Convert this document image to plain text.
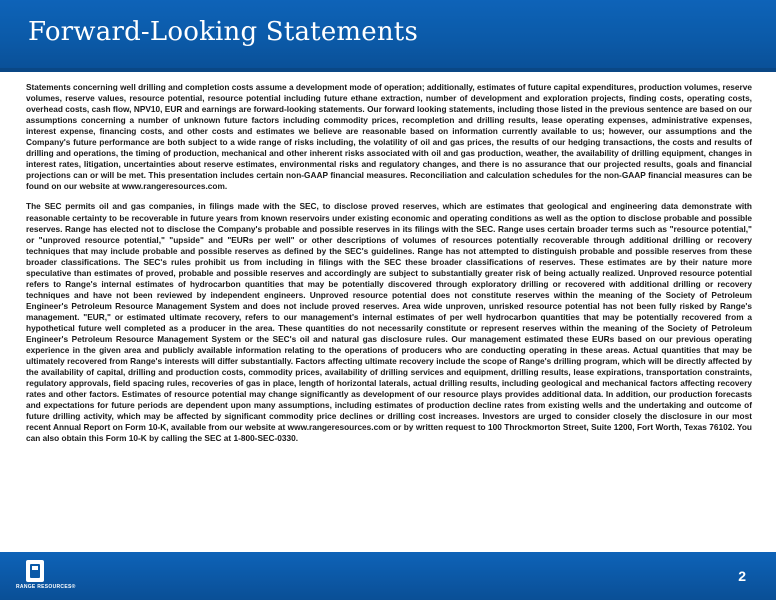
Forward-Looking Statements

Statements concerning well drilling and completion costs assume a development mode of operation; additionally, estimates of future capital expenditures, production volumes, reserve volumes, reserve values, resource potential, resource potential including future ethane extraction, number of development and exploration projects, finding costs, operating costs, overhead costs, cash flow, NPV10, EUR and earnings are forward-looking statements. Our forward looking statements, including those listed in the previous sentence are based on our assumptions concerning a number of unknown future factors including commodity prices, recompletion and drilling results, lease operating expenses, administrative expenses, interest expense, financing costs, and other costs and estimates we believe are reasonable based on information currently available to us; however, our assumptions and the Company's future performance are both subject to a wide range of risks including, the volatility of oil and gas prices, the results of our hedging transactions, the costs and results of drilling and operations, the timing of production, mechanical and other inherent risks associated with oil and gas production, weather, the availability of drilling equipment, changes in interest rates, litigation, uncertainties about reserve estimates, environmental risks and regulatory changes, and there is no assurance that our projected results, goals and financial projections can or will be met. This presentation includes certain non-GAAP financial measures. Reconciliation and calculation schedules for the non-GAAP financial measures can be found on our website at www.rangeresources.com.

The SEC permits oil and gas companies, in filings made with the SEC, to disclose proved reserves, which are estimates that geological and engineering data demonstrate with reasonable certainty to be recoverable in future years from known reservoirs under existing economic and operating conditions as well as the option to disclose probable and possible reserves. Range has elected not to disclose the Company's probable and possible reserves in its filings with the SEC. Range uses certain broader terms such as "resource potential," or "unproved resource potential," "upside" and "EURs per well" or other descriptions of volumes of resources potentially recoverable through additional drilling or recovery techniques that may include probable and possible reserves as defined by the SEC's guidelines. Range has not attempted to distinguish probable and possible reserves from these broader classifications. The SEC's rules prohibit us from including in filings with the SEC these broader classifications of reserves. These estimates are by their nature more speculative than estimates of proved, probable and possible reserves and accordingly are subject to substantially greater risk of being actually realized. Unproved resource potential refers to Range's internal estimates of hydrocarbon quantities that may be potentially discovered through exploratory drilling or recovered with additional drilling or recovery techniques and have not been reviewed by independent engineers. Unproved resource potential does not constitute reserves within the meaning of the Society of Petroleum Engineer's Petroleum Resource Management System and does not include proved reserves. Area wide unproven, unrisked resource potential has not been fully risked by Range's management. "EUR," or estimated ultimate recovery, refers to our management's internal estimates of per well hydrocarbon quantities that may be potentially recovered from a hypothetical future well completed as a producer in the area. These quantities do not necessarily constitute or represent reserves within the meaning of the Society of Petroleum Engineer's Petroleum Resource Management System or the SEC's oil and natural gas disclosure rules. Our management estimated these EURs based on our previous operating experience in the given area and publicly available information relating to the operations of producers who are conducting operating in these areas. Actual quantities that may be ultimately recovered from Range's interests will differ substantially. Factors affecting ultimate recovery include the scope of Range's drilling program, which will be directly affected by the availability of capital, drilling and production costs, commodity prices, availability of drilling services and equipment, drilling results, lease expirations, transportation constraints, regulatory approvals, field spacing rules, recoveries of gas in place, length of horizontal laterals, actual drilling results, including geological and mechanical factors affecting recovery rates and other factors. Estimates of resource potential may change significantly as development of our resource plays provides additional data. In addition, our production forecasts and expectations for future periods are dependent upon many assumptions, including estimates of production decline rates from existing wells and the undertaking and outcome of future drilling activity, which may be affected by significant commodity price declines or drilling cost increases. Investors are urged to consider closely the disclosure in our most recent Annual Report on Form 10-K, available from our website at www.rangeresources.com or by written request to 100 Throckmorton Street, Suite 1200, Fort Worth, Texas 76102. You can also obtain this Form 10-K by calling the SEC at 1-800-SEC-0330.

RANGE RESOURCES®
2
